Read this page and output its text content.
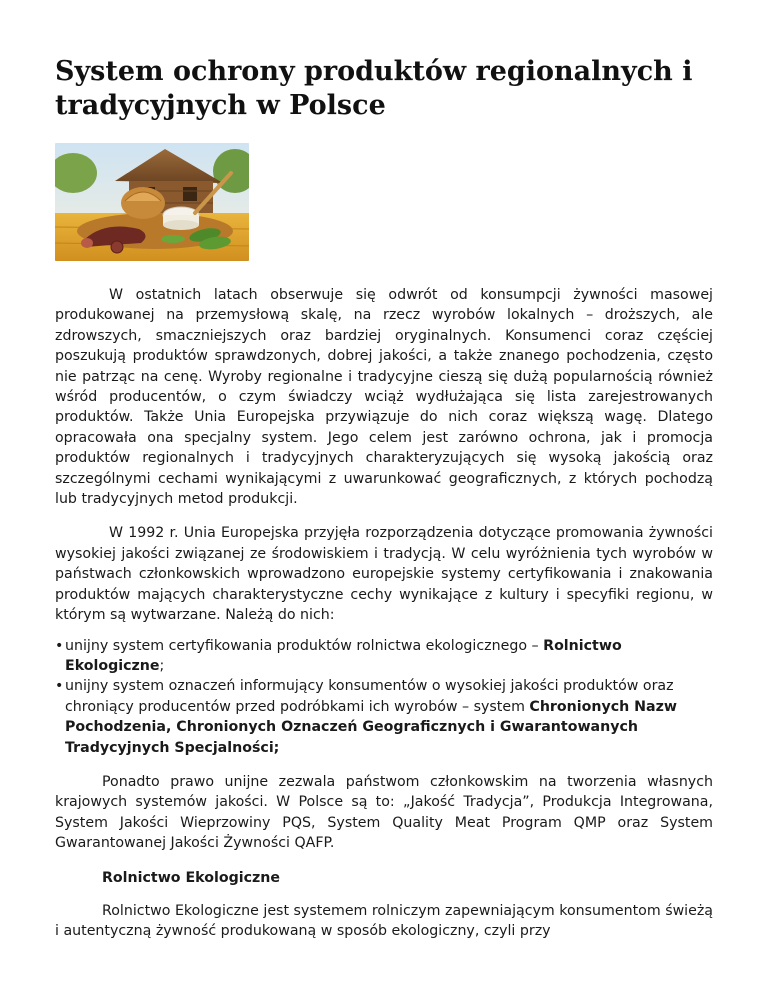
System ochrony produktów regionalnych i tradycyjnych w Polsce

W ostatnich latach obserwuje się odwrót od konsumpcji żywności masowej produkowanej na przemysłową skalę, na rzecz wyrobów lokalnych – droższych, ale zdrowszych, smaczniejszych oraz bardziej oryginalnych. Konsumenci coraz częściej poszukują produktów sprawdzonych, dobrej jakości, a także znanego pochodzenia, często nie patrząc na cenę. Wyroby regionalne i tradycyjne cieszą się dużą popularnością również wśród producentów, o czym świadczy wciąż wydłużająca się lista zarejestrowanych produktów. Także Unia Europejska przywiązuje do nich coraz większą wagę. Dlatego opracowała ona specjalny system. Jego celem jest zarówno ochrona, jak i promocja produktów regionalnych i tradycyjnych charakteryzujących się wysoką jakością oraz szczególnymi cechami wynikającymi z uwarunkować geograficznych, z których pochodzą lub tradycyjnych metod produkcji.

W 1992 r. Unia Europejska przyjęła rozporządzenia dotyczące promowania żywności wysokiej jakości związanej ze środowiskiem i tradycją. W celu wyróżnienia tych wyrobów w państwach członkowskich wprowadzono europejskie systemy certyfikowania i znakowania produktów mających charakterystyczne cechy wynikające z kultury i specyfiki regionu, w którym są wytwarzane. Należą do nich:

• unijny system certyfikowania produktów rolnictwa ekologicznego – Rolnictwo Ekologiczne;
• unijny system oznaczeń informujący konsumentów o wysokiej jakości produktów oraz chroniący producentów przed podróbkami ich wyrobów – system Chronionych Nazw Pochodzenia, Chronionych Oznaczeń Geograficznych i Gwarantowanych Tradycyjnych Specjalności;

Ponadto prawo unijne zezwala państwom członkowskim na tworzenia własnych krajowych systemów jakości. W Polsce są to: „Jakość Tradycja”, Produkcja Integrowana, System Jakości Wieprzowiny PQS, System Quality Meat Program QMP oraz System Gwarantowanej Jakości Żywności QAFP.

Rolnictwo Ekologiczne

Rolnictwo Ekologiczne jest systemem rolniczym zapewniającym konsumentom świeżą i autentyczną żywność produkowaną w sposób ekologiczny, czyli przy
